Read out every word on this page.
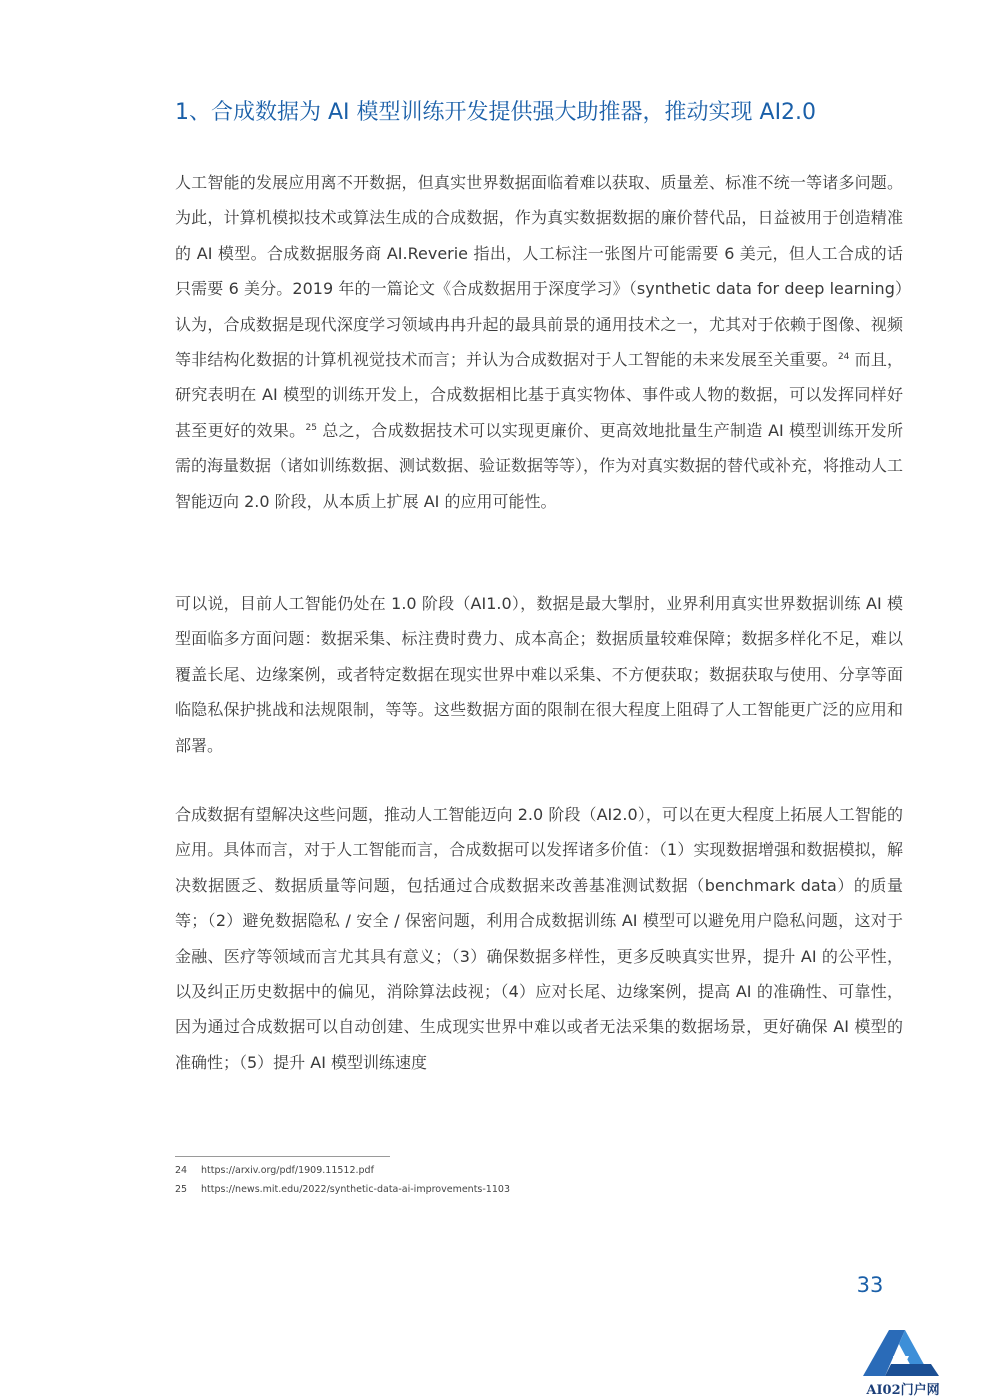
1、合成数据为 AI 模型训练开发提供强大助推器，推动实现 AI2.0

人工智能的发展应用离不开数据，但真实世界数据面临着难以获取、质量差、标准不统一等诸多问题。为此，计算机模拟技术或算法生成的合成数据，作为真实数据数据的廉价替代品，日益被用于创造精准的 AI 模型。合成数据服务商 AI.Reverie 指出，人工标注一张图片可能需要 6 美元，但人工合成的话只需要 6 美分。2019 年的一篇论文《合成数据用于深度学习》（synthetic data for deep learning）认为，合成数据是现代深度学习领域冉冉升起的最具前景的通用技术之一，尤其对于依赖于图像、视频等非结构化数据的计算机视觉技术而言；并认为合成数据对于人工智能的未来发展至关重要。$^{24}$ 而且，研究表明在 AI 模型的训练开发上，合成数据相比基于真实物体、事件或人物的数据，可以发挥同样好甚至更好的效果。$^{25}$ 总之，合成数据技术可以实现更廉价、更高效地批量生产制造 AI 模型训练开发所需的海量数据（诸如训练数据、测试数据、验证数据等等），作为对真实数据的替代或补充，将推动人工智能迈向 2.0 阶段，从本质上扩展 AI 的应用可能性。

可以说，目前人工智能仍处在 1.0 阶段（AI1.0），数据是最大掣肘，业界利用真实世界数据训练 AI 模型面临多方面问题：数据采集、标注费时费力、成本高企；数据质量较难保障；数据多样化不足，难以覆盖长尾、边缘案例，或者特定数据在现实世界中难以采集、不方便获取；数据获取与使用、分享等面临隐私保护挑战和法规限制，等等。这些数据方面的限制在很大程度上阻碍了人工智能更广泛的应用和部署。

合成数据有望解决这些问题，推动人工智能迈向 2.0 阶段（AI2.0），可以在更大程度上拓展人工智能的应用。具体而言，对于人工智能而言，合成数据可以发挥诸多价值：（1）实现数据增强和数据模拟，解决数据匮乏、数据质量等问题，包括通过合成数据来改善基准测试数据（benchmark data）的质量等；（2）避免数据隐私 / 安全 / 保密问题，利用合成数据训练 AI 模型可以避免用户隐私问题，这对于金融、医疗等领域而言尤其具有意义；（3）确保数据多样性，更多反映真实世界，提升 AI 的公平性，以及纠正历史数据中的偏见，消除算法歧视；（4）应对长尾、边缘案例，提高 AI 的准确性、可靠性，因为通过合成数据可以自动创建、生成现实世界中难以或者无法采集的数据场景，更好确保 AI 模型的准确性；（5）提升 AI 模型训练速度

24 https://arxiv.org/pdf/1909.11512.pdf
25 https://news.mit.edu/2022/synthetic-data-ai-improvements-1103
33
AI02门户网
